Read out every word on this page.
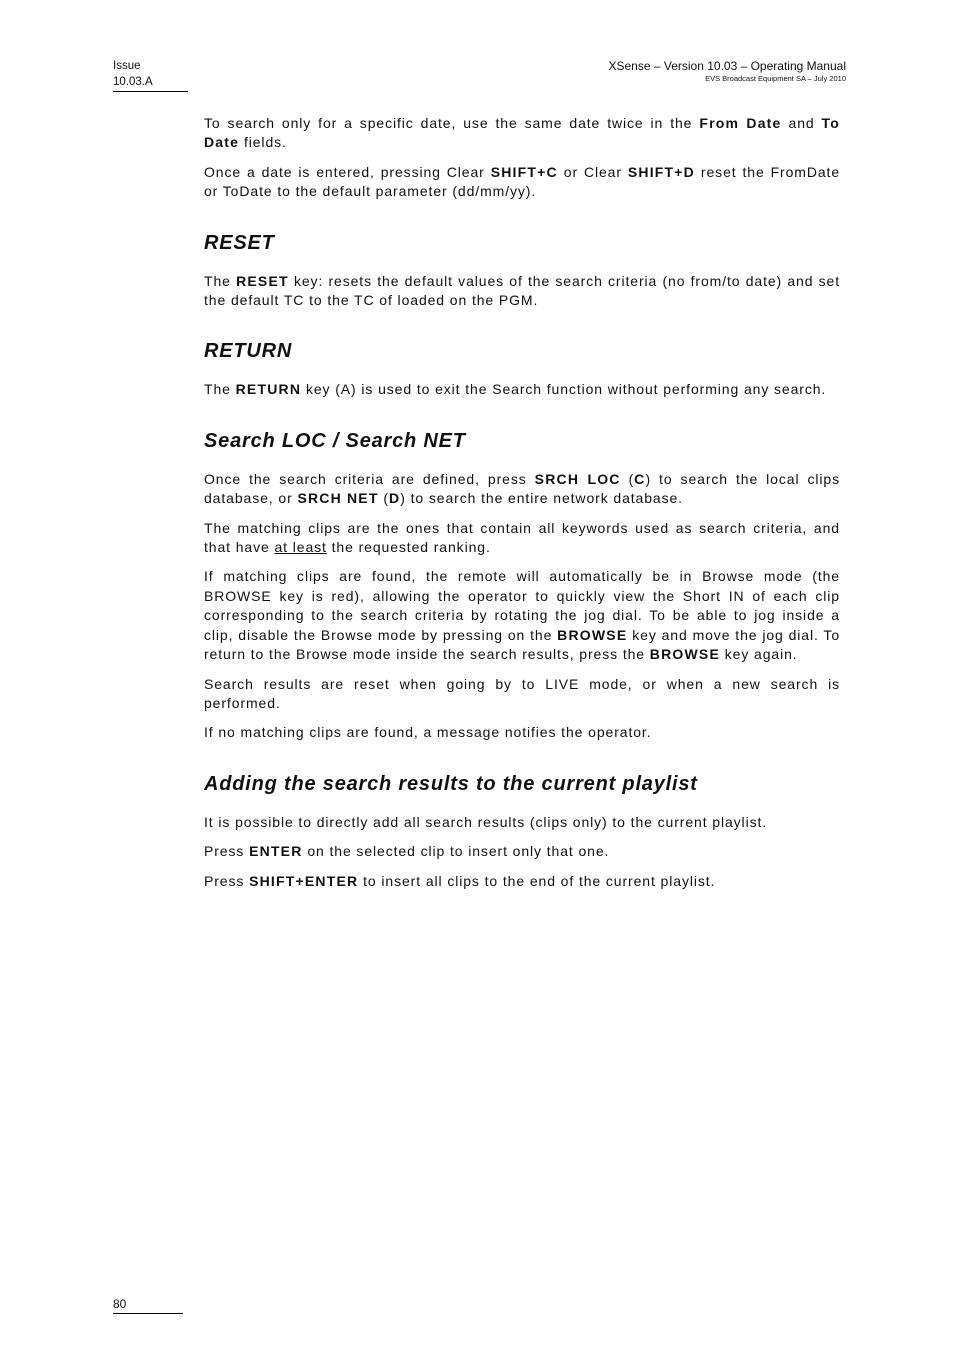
Issue
10.03.A
XSense – Version 10.03 – Operating Manual
EVS Broadcast Equipment SA – July 2010

To search only for a specific date, use the same date twice in the From Date and To Date fields.

Once a date is entered, pressing Clear SHIFT+C or Clear SHIFT+D reset the FromDate or ToDate to the default parameter (dd/mm/yy).

RESET

The RESET key: resets the default values of the search criteria (no from/to date) and set the default TC to the TC of loaded on the PGM.

RETURN

The RETURN key (A) is used to exit the Search function without performing any search.

Search LOC / Search NET

Once the search criteria are defined, press SRCH LOC (C) to search the local clips database, or SRCH NET (D) to search the entire network database.

The matching clips are the ones that contain all keywords used as search criteria, and that have at least the requested ranking.

If matching clips are found, the remote will automatically be in Browse mode (the BROWSE key is red), allowing the operator to quickly view the Short IN of each clip corresponding to the search criteria by rotating the jog dial. To be able to jog inside a clip, disable the Browse mode by pressing on the BROWSE key and move the jog dial. To return to the Browse mode inside the search results, press the BROWSE key again.

Search results are reset when going by to LIVE mode, or when a new search is performed.

If no matching clips are found, a message notifies the operator.

Adding the search results to the current playlist

It is possible to directly add all search results (clips only) to the current playlist.

Press ENTER on the selected clip to insert only that one.

Press SHIFT+ENTER to insert all clips to the end of the current playlist.

80
